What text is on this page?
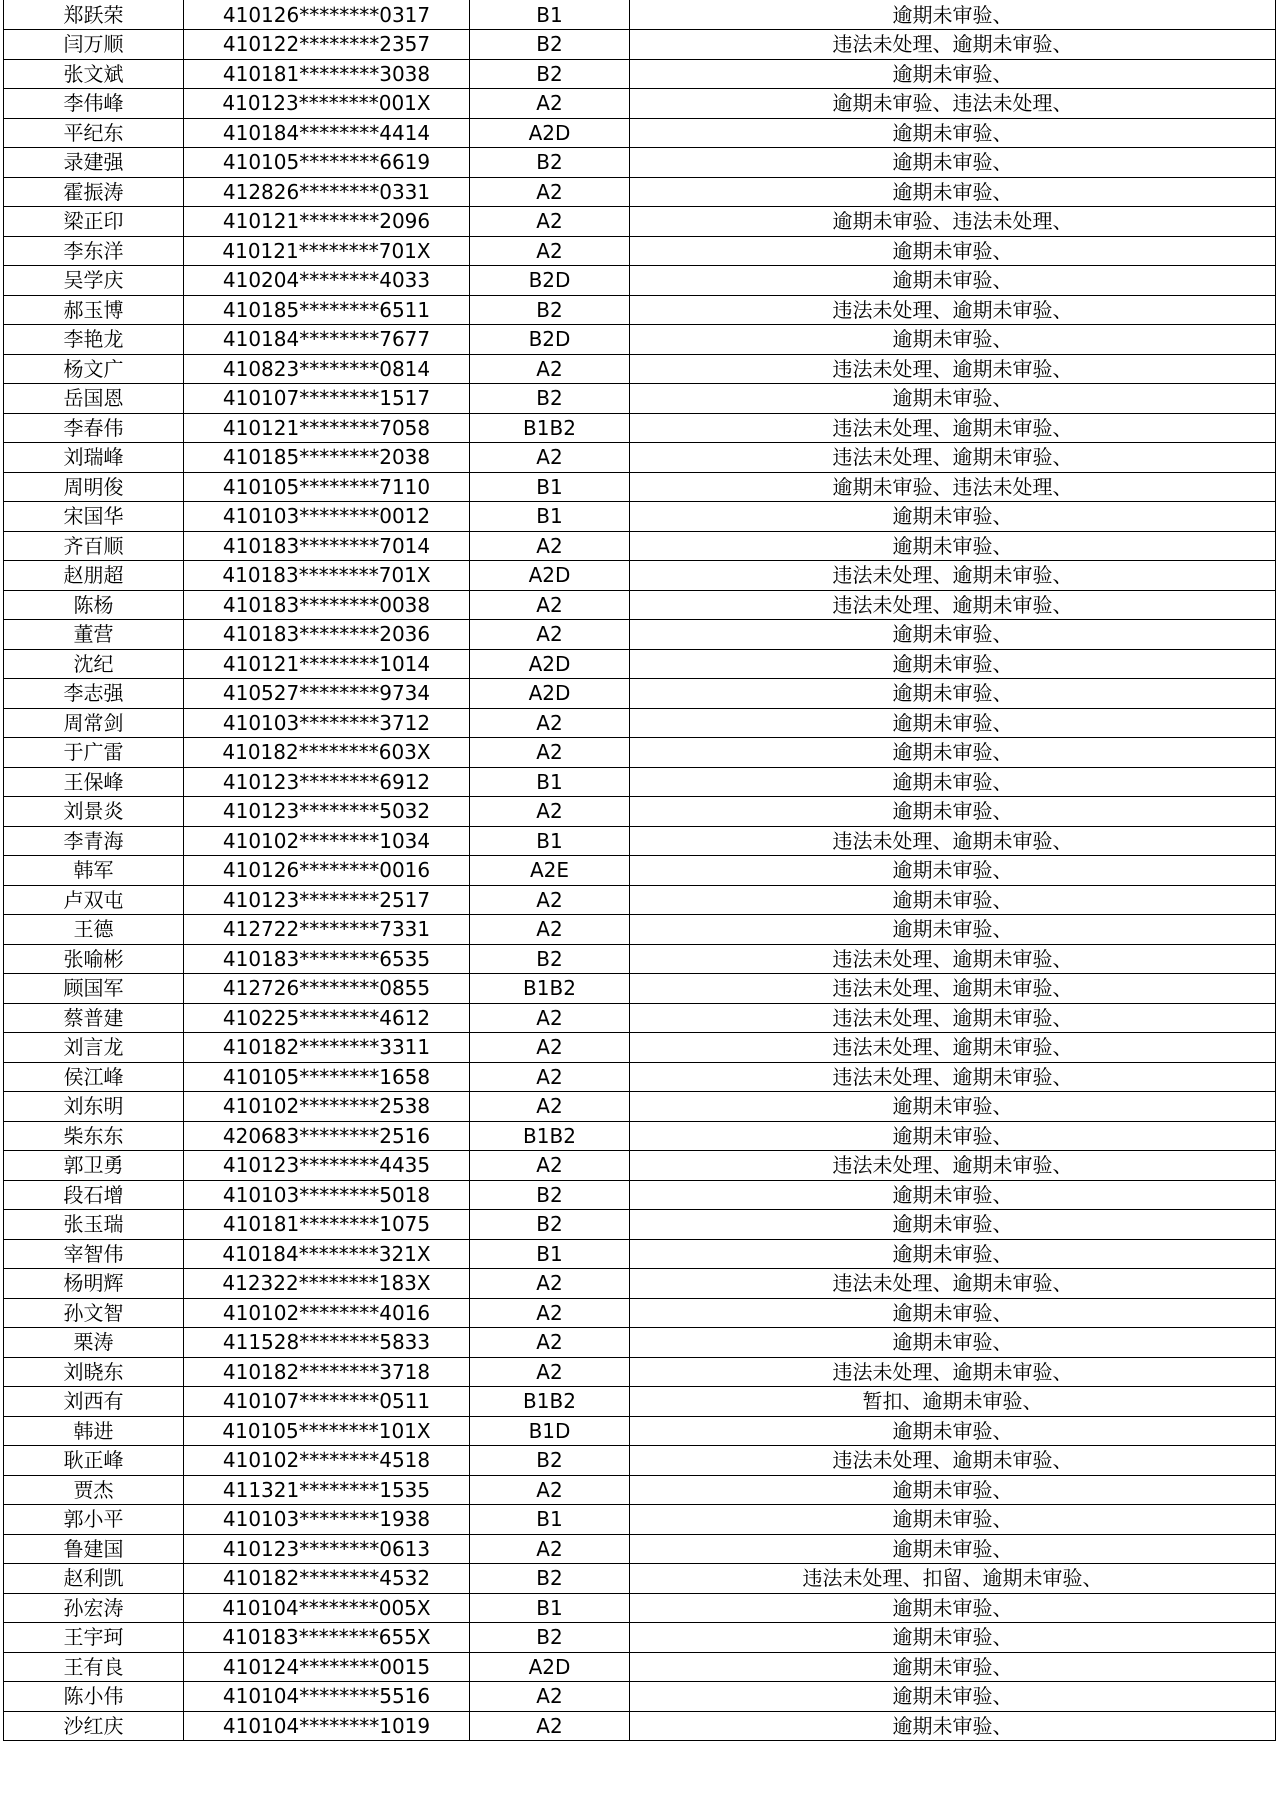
郑跃荣	410126********0317	B1	逾期未审验、
闫万顺	410122********2357	B2	违法未处理、逾期未审验、
张文斌	410181********3038	B2	逾期未审验、
李伟峰	410123********001X	A2	逾期未审验、违法未处理、
平纪东	410184********4414	A2D	逾期未审验、
录建强	410105********6619	B2	逾期未审验、
霍振涛	412826********0331	A2	逾期未审验、
梁正印	410121********2096	A2	逾期未审验、违法未处理、
李东洋	410121********701X	A2	逾期未审验、
吴学庆	410204********4033	B2D	逾期未审验、
郝玉博	410185********6511	B2	违法未处理、逾期未审验、
李艳龙	410184********7677	B2D	逾期未审验、
杨文广	410823********0814	A2	违法未处理、逾期未审验、
岳国恩	410107********1517	B2	逾期未审验、
李春伟	410121********7058	B1B2	违法未处理、逾期未审验、
刘瑞峰	410185********2038	A2	违法未处理、逾期未审验、
周明俊	410105********7110	B1	逾期未审验、违法未处理、
宋国华	410103********0012	B1	逾期未审验、
齐百顺	410183********7014	A2	逾期未审验、
赵朋超	410183********701X	A2D	违法未处理、逾期未审验、
陈杨	410183********0038	A2	违法未处理、逾期未审验、
董营	410183********2036	A2	逾期未审验、
沈纪	410121********1014	A2D	逾期未审验、
李志强	410527********9734	A2D	逾期未审验、
周常剑	410103********3712	A2	逾期未审验、
于广雷	410182********603X	A2	逾期未审验、
王保峰	410123********6912	B1	逾期未审验、
刘景炎	410123********5032	A2	逾期未审验、
李青海	410102********1034	B1	违法未处理、逾期未审验、
韩军	410126********0016	A2E	逾期未审验、
卢双屯	410123********2517	A2	逾期未审验、
王德	412722********7331	A2	逾期未审验、
张喻彬	410183********6535	B2	违法未处理、逾期未审验、
顾国军	412726********0855	B1B2	违法未处理、逾期未审验、
蔡普建	410225********4612	A2	违法未处理、逾期未审验、
刘言龙	410182********3311	A2	违法未处理、逾期未审验、
侯江峰	410105********1658	A2	违法未处理、逾期未审验、
刘东明	410102********2538	A2	逾期未审验、
柴东东	420683********2516	B1B2	逾期未审验、
郭卫勇	410123********4435	A2	违法未处理、逾期未审验、
段石增	410103********5018	B2	逾期未审验、
张玉瑞	410181********1075	B2	逾期未审验、
宰智伟	410184********321X	B1	逾期未审验、
杨明辉	412322********183X	A2	违法未处理、逾期未审验、
孙文智	410102********4016	A2	逾期未审验、
栗涛	411528********5833	A2	逾期未审验、
刘晓东	410182********3718	A2	违法未处理、逾期未审验、
刘西有	410107********0511	B1B2	暂扣、逾期未审验、
韩进	410105********101X	B1D	逾期未审验、
耿正峰	410102********4518	B2	违法未处理、逾期未审验、
贾杰	411321********1535	A2	逾期未审验、
郭小平	410103********1938	B1	逾期未审验、
鲁建国	410123********0613	A2	逾期未审验、
赵利凯	410182********4532	B2	违法未处理、扣留、逾期未审验、
孙宏涛	410104********005X	B1	逾期未审验、
王宇珂	410183********655X	B2	逾期未审验、
王有良	410124********0015	A2D	逾期未审验、
陈小伟	410104********5516	A2	逾期未审验、
沙红庆	410104********1019	A2	逾期未审验、
